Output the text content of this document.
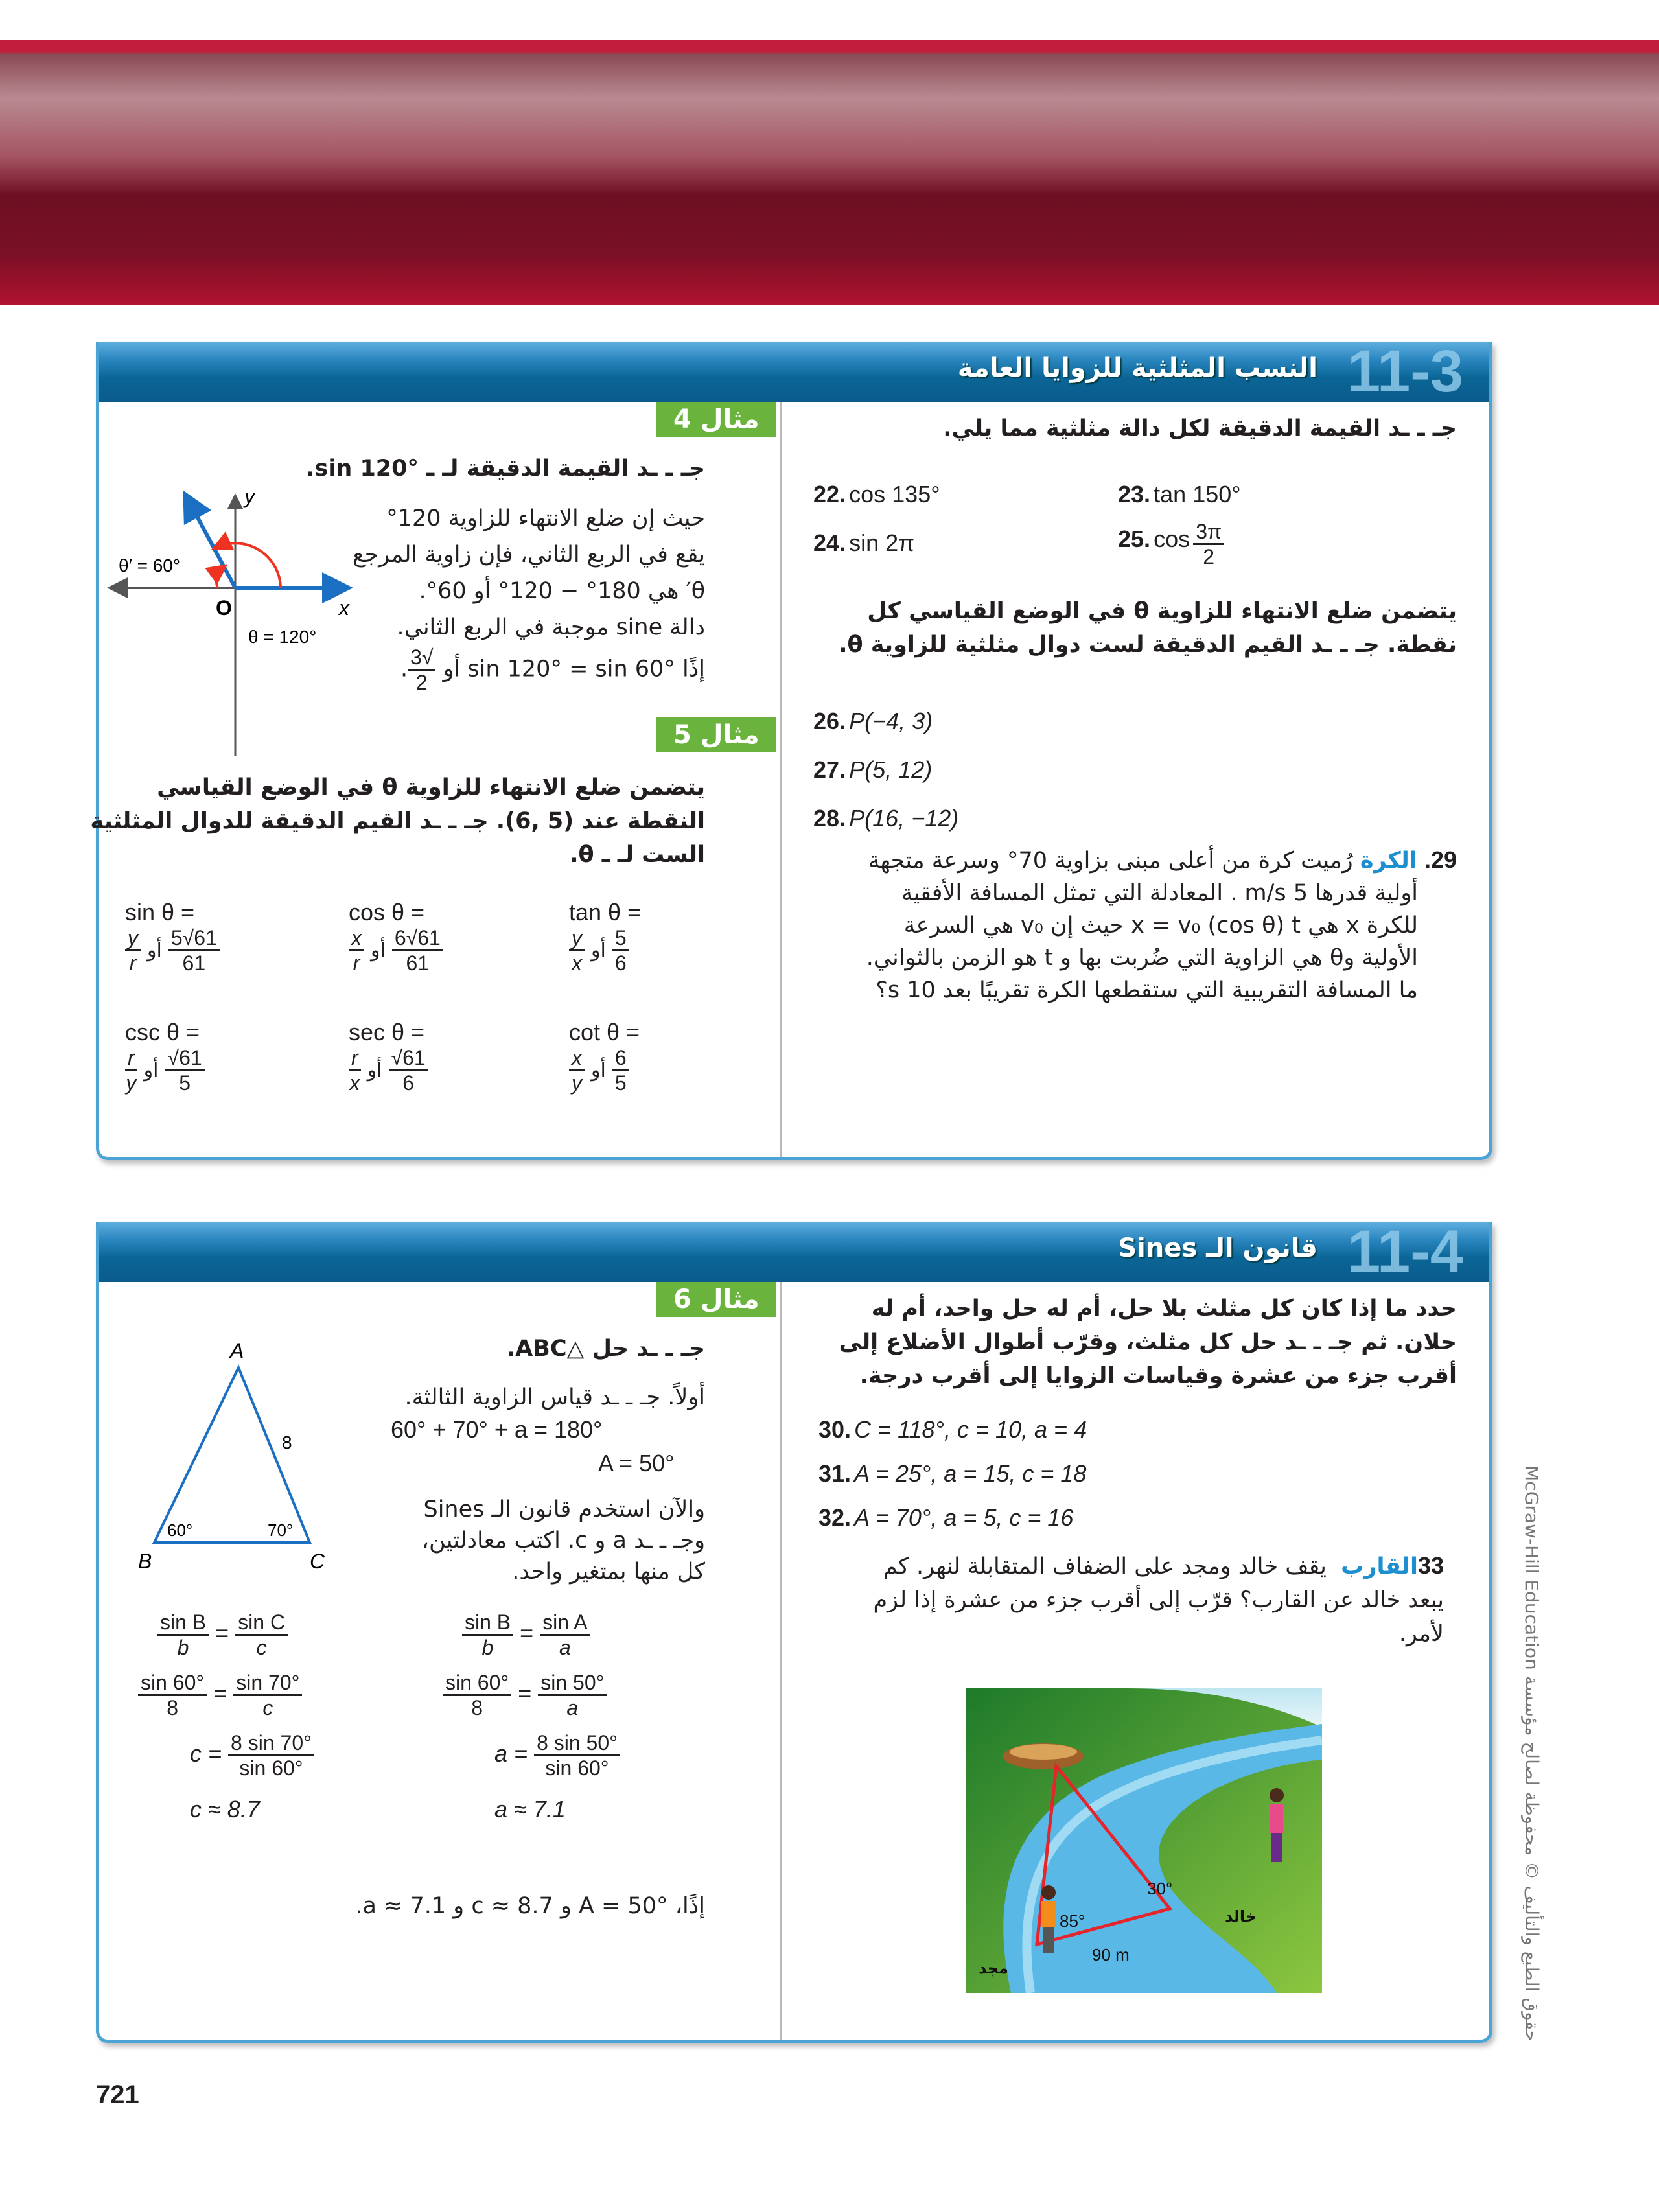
11-3
النسب المثلثية للزوايا العامة
جـ ـ ـد القيمة الدقيقة لكل دالة مثلثية مما يلي.
22. cos 135°	23. tan 150°
24. sin 2π	25. $\cos \frac{3\pi}{2}$
يتضمن ضلع الانتهاء للزاوية θ في الوضع القياسي كل نقطة. جـ ـ ـد القيم الدقيقة لست دوال مثلثية للزاوية θ.
26. P(−4, 3)
27. P(5, 12)
28. P(16, −12)
29. الكرة رُميت كرة من أعلى مبنى بزاوية 70° وسرعة متجهة
أولية قدرها 5 m/s . المعادلة التي تمثل المسافة الأفقية
للكرة x هي x = v₀ (cos θ) t حيث إن v₀ هي السرعة
الأولية وθ هي الزاوية التي ضُربت بها و t هو الزمن بالثواني.
ما المسافة التقريبية التي ستقطعها الكرة تقريبًا بعد 10 s؟
مثال 4
جـ ـ ـد القيمة الدقيقة لـ ـ sin 120°.
حيث إن ضلع الانتهاء للزاوية 120°
يقع في الربع الثاني، فإن زاوية المرجع
θ′ هي 180° − 120° أو 60°.
دالة sine موجبة في الربع الثاني.
إذًا sin 120° = sin 60° أو
$\frac{√3}{2}$
.
y
x
O
θ = 120°
θ′ = 60°
مثال 5
يتضمن ضلع الانتهاء للزاوية θ في الوضع القياسي النقطة عند (5 ,6). جـ ـ ـد القيم الدقيقة للدوال المثلثية الست لـ ـ θ.
sin θ =
$\frac{y}{r}$ أو $\frac{5√61}{61}$
cos θ =
$\frac{x}{r}$ أو $\frac{6√61}{61}$
tan θ =
$\frac{y}{x}$ أو $\frac{5}{6}$
csc θ =
$\frac{r}{y}$ أو $\frac{√61}{5}$
sec θ =
$\frac{r}{x}$ أو $\frac{√61}{6}$
cot θ =
$\frac{x}{y}$ أو $\frac{6}{5}$
11-4
قانون الـ Sines
حدد ما إذا كان كل مثلث بلا حل، أم له حل واحد، أم له حلان. ثم جـ ـ ـد حل كل مثلث، وقرّب أطوال الأضلاع إلى أقرب جزء من عشرة وقياسات الزوايا إلى أقرب درجة.
30. C = 118°, c = 10, a = 4
31. A = 25°, a = 15, c = 18
32. A = 70°, a = 5, c = 16
33القارب  يقف خالد ومجد على الضفاف المتقابلة لنهر. كم يبعد خالد عن القارب؟ قرّب إلى أقرب جزء من عشرة إذا لزم لأمر.
30°
85°
90 m
خالد
مجد
مثال 6
جـ ـ ـد حل △ABC.
A
B	C
8
60°	70°
أولاً. جـ ـ ـد قياس الزاوية الثالثة.
60° + 70° + a = 180°
A = 50°
والآن استخدم قانون الـ Sines
وجـ ـ ـد a و c. اكتب معادلتين،
كل منها بمتغير واحد.
$\frac{\text{sin B}}{b} = \frac{\text{sin C}}{c}$
$\frac{\sin 60^\circ}{8} = \frac{\sin 70^\circ}{c}$
$c = \frac{8 \sin 70^\circ}{\sin 60^\circ}$
c ≈ 8.7
$\frac{\text{sin B}}{b} = \frac{\text{sin A}}{a}$
$\frac{\sin 60^\circ}{8} = \frac{\sin 50^\circ}{a}$
$a = \frac{8 \sin 50^\circ}{\sin 60^\circ}$
a ≈ 7.1
إذًا، A = 50° و c ≈ 8.7 و a ≈ 7.1.
721
حقوق الطبع والتأليف © محفوظة لصالح مؤسسة McGraw-Hill Education
